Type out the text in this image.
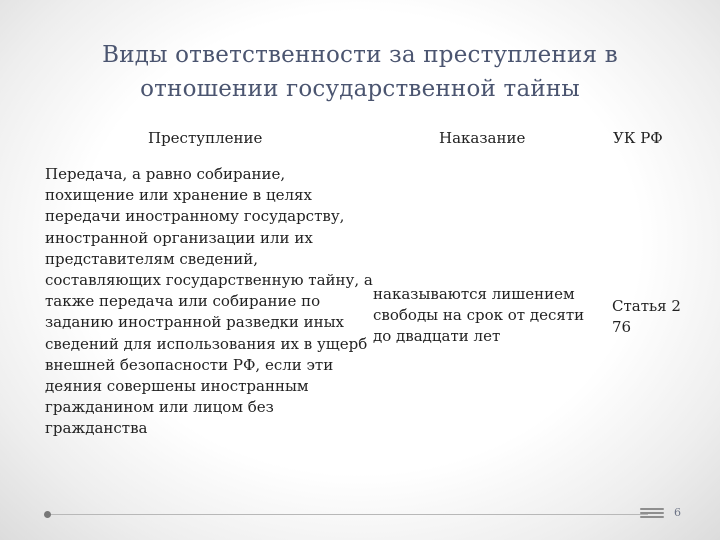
Виды ответственности за преступления в отношении государственной тайны
Преступление	Наказание	УК РФ
Передача, а равно собирание, похищение или хранение в целях передачи иностранному государству, иностранной организации или их представителям сведений, составляющих государственную тайну, а также передача или собирание по заданию иностранной разведки иных сведений для использования их в ущерб внешней безопасности РФ, если эти деяния совершены иностранным гражданином или лицом без гражданства
наказываются лишением свободы на срок от десяти до двадцати лет
Статья 276
6
